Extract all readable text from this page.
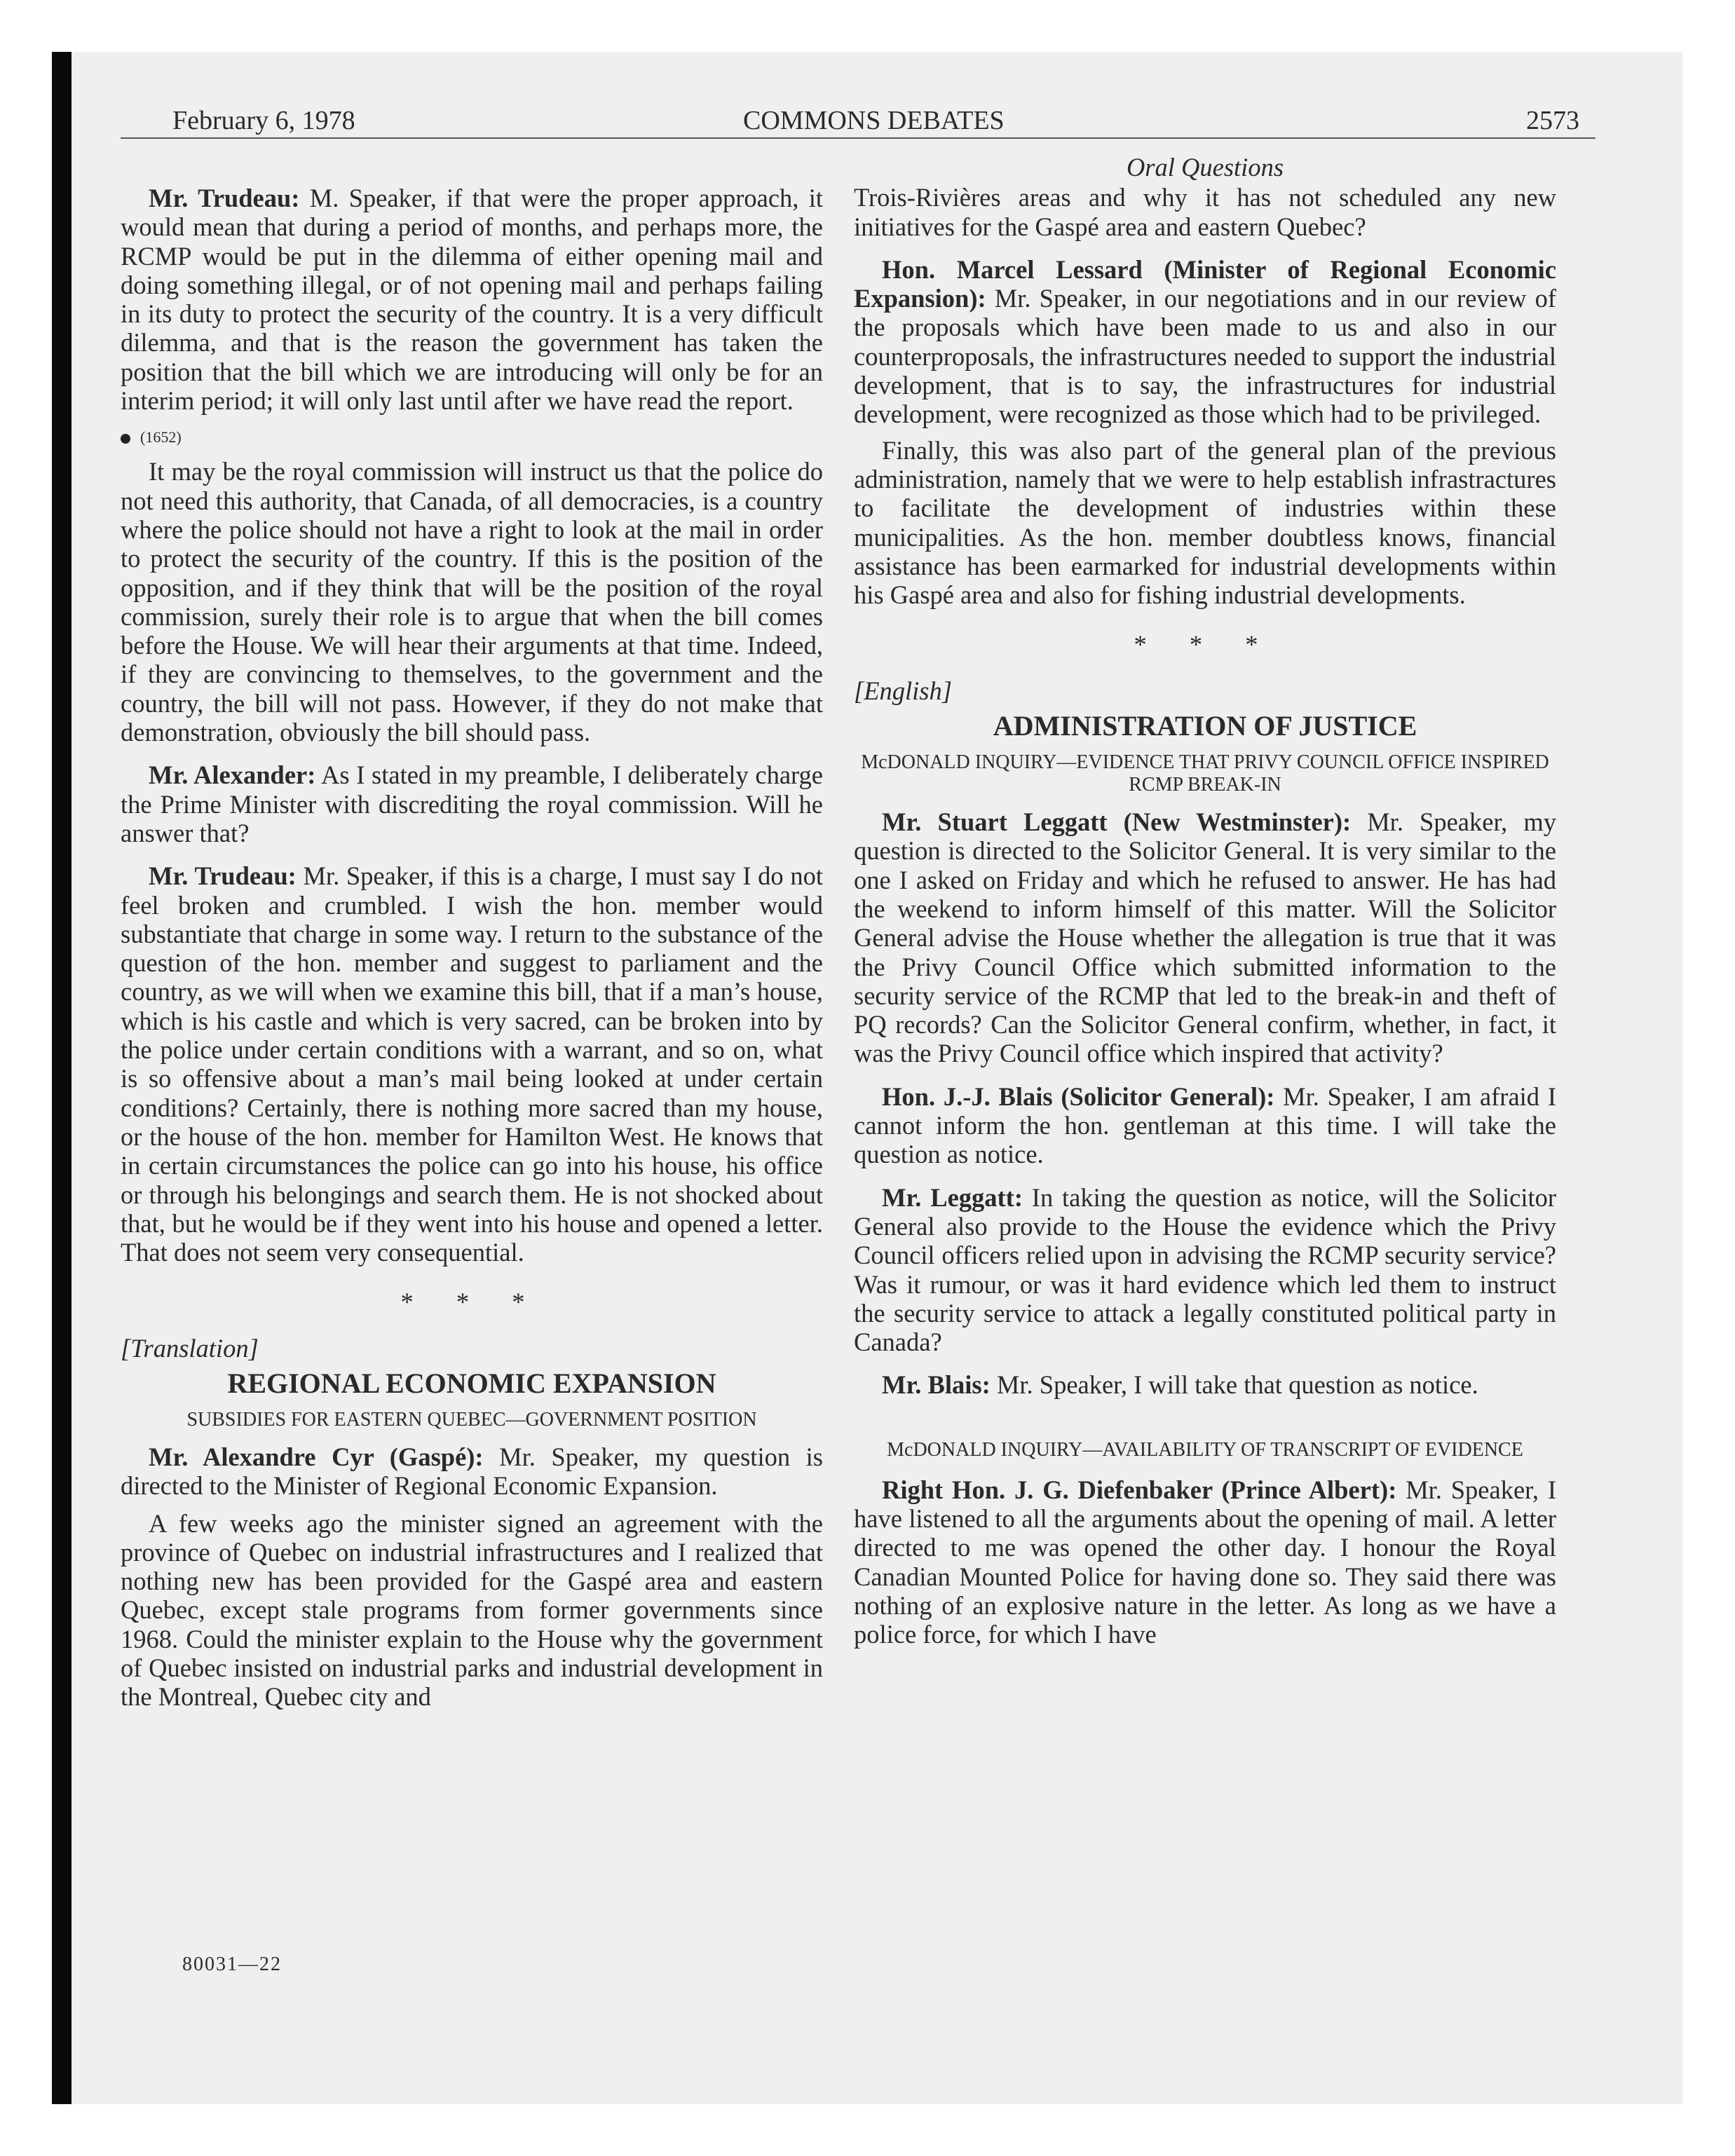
February 6, 1978	COMMONS DEBATES	2573

Mr. Trudeau: M. Speaker, if that were the proper approach, it would mean that during a period of months, and perhaps more, the RCMP would be put in the dilemma of either opening mail and doing something illegal, or of not opening mail and perhaps failing in its duty to protect the security of the country. It is a very difficult dilemma, and that is the reason the government has taken the position that the bill which we are introducing will only be for an interim period; it will only last until after we have read the report.

(1652)

It may be the royal commission will instruct us that the police do not need this authority, that Canada, of all democracies, is a country where the police should not have a right to look at the mail in order to protect the security of the country. If this is the position of the opposition, and if they think that will be the position of the royal commission, surely their role is to argue that when the bill comes before the House. We will hear their arguments at that time. Indeed, if they are convincing to themselves, to the government and the country, the bill will not pass. However, if they do not make that demonstration, obviously the bill should pass.

Mr. Alexander: As I stated in my preamble, I deliberately charge the Prime Minister with discrediting the royal commission. Will he answer that?

Mr. Trudeau: Mr. Speaker, if this is a charge, I must say I do not feel broken and crumbled. I wish the hon. member would substantiate that charge in some way. I return to the substance of the question of the hon. member and suggest to parliament and the country, as we will when we examine this bill, that if a man’s house, which is his castle and which is very sacred, can be broken into by the police under certain conditions with a warrant, and so on, what is so offensive about a man’s mail being looked at under certain conditions? Certainly, there is nothing more sacred than my house, or the house of the hon. member for Hamilton West. He knows that in certain circumstances the police can go into his house, his office or through his belongings and search them. He is not shocked about that, but he would be if they went into his house and opened a letter. That does not seem very consequential.

* * *
[Translation]
REGIONAL ECONOMIC EXPANSION
SUBSIDIES FOR EASTERN QUEBEC—GOVERNMENT POSITION

Mr. Alexandre Cyr (Gaspé): Mr. Speaker, my question is directed to the Minister of Regional Economic Expansion.

A few weeks ago the minister signed an agreement with the province of Quebec on industrial infrastructures and I realized that nothing new has been provided for the Gaspé area and eastern Quebec, except stale programs from former governments since 1968. Could the minister explain to the House why the government of Quebec insisted on industrial parks and industrial development in the Montreal, Quebec city and

Oral Questions

Trois-Rivières areas and why it has not scheduled any new initiatives for the Gaspé area and eastern Quebec?

Hon. Marcel Lessard (Minister of Regional Economic Expansion): Mr. Speaker, in our negotiations and in our review of the proposals which have been made to us and also in our counterproposals, the infrastructures needed to support the industrial development, that is to say, the infrastructures for industrial development, were recognized as those which had to be privileged.

Finally, this was also part of the general plan of the previous administration, namely that we were to help establish infrastractures to facilitate the development of industries within these municipalities. As the hon. member doubtless knows, financial assistance has been earmarked for industrial developments within his Gaspé area and also for fishing industrial developments.

* * *
[English]
ADMINISTRATION OF JUSTICE
McDONALD INQUIRY—EVIDENCE THAT PRIVY COUNCIL OFFICE INSPIRED RCMP BREAK-IN

Mr. Stuart Leggatt (New Westminster): Mr. Speaker, my question is directed to the Solicitor General. It is very similar to the one I asked on Friday and which he refused to answer. He has had the weekend to inform himself of this matter. Will the Solicitor General advise the House whether the allegation is true that it was the Privy Council Office which submitted information to the security service of the RCMP that led to the break-in and theft of PQ records? Can the Solicitor General confirm, whether, in fact, it was the Privy Council office which inspired that activity?

Hon. J.-J. Blais (Solicitor General): Mr. Speaker, I am afraid I cannot inform the hon. gentleman at this time. I will take the question as notice.

Mr. Leggatt: In taking the question as notice, will the Solicitor General also provide to the House the evidence which the Privy Council officers relied upon in advising the RCMP security service? Was it rumour, or was it hard evidence which led them to instruct the security service to attack a legally constituted political party in Canada?

Mr. Blais: Mr. Speaker, I will take that question as notice.

McDONALD INQUIRY—AVAILABILITY OF TRANSCRIPT OF EVIDENCE

Right Hon. J. G. Diefenbaker (Prince Albert): Mr. Speaker, I have listened to all the arguments about the opening of mail. A letter directed to me was opened the other day. I honour the Royal Canadian Mounted Police for having done so. They said there was nothing of an explosive nature in the letter. As long as we have a police force, for which I have

80031—22
